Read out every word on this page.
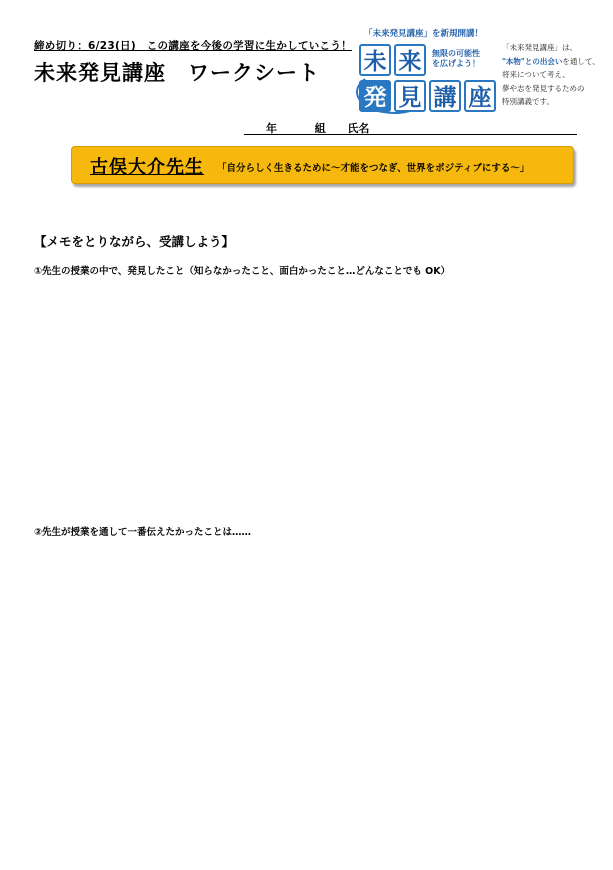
締め切り：6/23(日)　この講座を今後の学習に生かしていこう！
未来発見講座　ワークシート
「未来発見講座」を新規開講！
未 来
発 見 講 座
無限の可能性
を広げよう！
「未来発見講座」は、
"本物"との出会いを通して、
将来について考え、
夢や志を発見するための
特別講義です。
年	組 氏名
古俣大介先生 「自分らしく生きるために～才能をつなぎ、世界をポジティブにする～」
【メモをとりながら、受講しよう】
①先生の授業の中で、発見したこと（知らなかったこと、面白かったこと…どんなことでも OK）
②先生が授業を通して一番伝えたかったことは……
